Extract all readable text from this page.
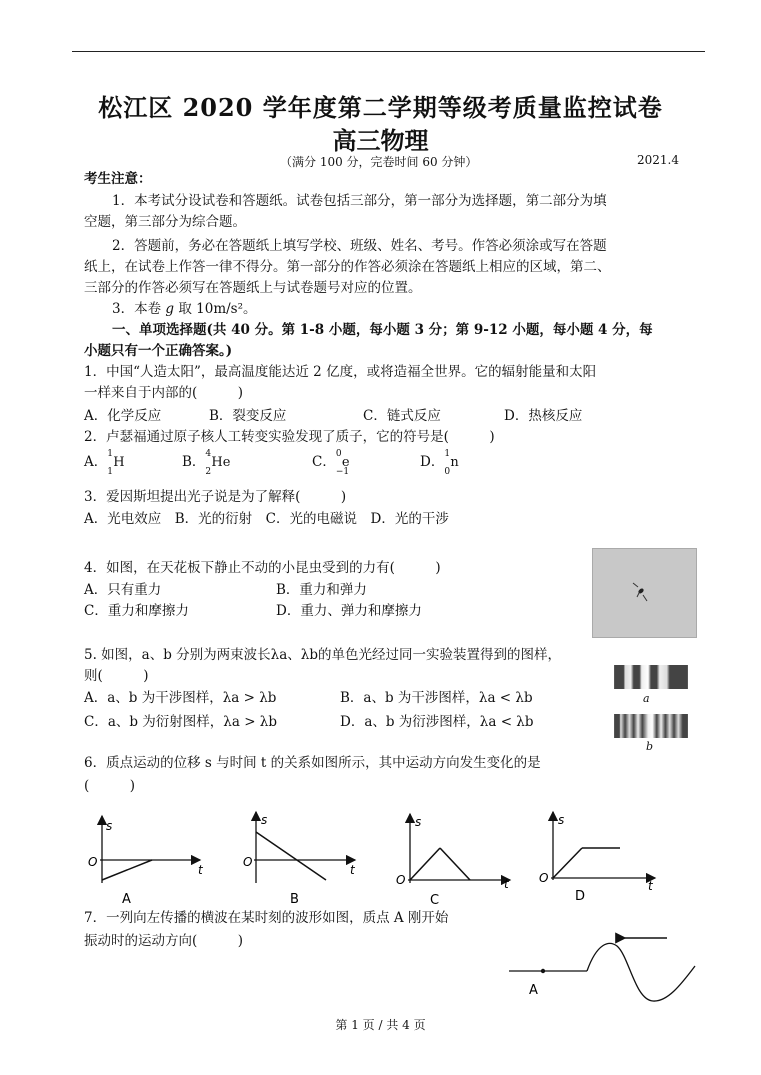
松江区 2020 学年度第二学期等级考质量监控试卷
高三物理
（满分 100 分，完卷时间 60 分钟）	2021.4
考生注意：
1．本考试分设试卷和答题纸。试卷包括三部分，第一部分为选择题，第二部分为填
空题，第三部分为综合题。
2．答题前，务必在答题纸上填写学校、班级、姓名、考号。作答必须涂或写在答题
纸上，在试卷上作答一律不得分。第一部分的作答必须涂在答题纸上相应的区域，第二、
三部分的作答必须写在答题纸上与试卷题号对应的位置。
3．本卷 g 取 10m/s²。
一、单项选择题(共 40 分。第 1-8 小题，每小题 3 分；第 9-12 小题，每小题 4 分，每
小题只有一个正确答案。)
1．中国“人造太阳”，最高温度能达近 2 亿度，或将造福全世界。它的辐射能量和太阳
一样来自于内部的(　　　)
A．化学反应	B．裂变反应	C．链式反应	D．热核反应
2．卢瑟福通过原子核人工转变实验发现了质子，它的符号是(　　　)
A． 1
1
H	B． 4
2
He	C． 0
−1
e	D． 1
0
n
3．爱因斯坦提出光子说是为了解释(　　　)
A．光电效应　B．光的衍射　C．光的电磁说　D．光的干涉
4．如图，在天花板下静止不动的小昆虫受到的力有(　　　)
A．只有重力	B．重力和弹力
C．重力和摩擦力	D．重力、弹力和摩擦力
5. 如图，a、b 分别为两束波长λa、λb的单色光经过同一实验装置得到的图样，
则(　　　)
A．a、b 为干涉图样，λa > λb	B．a、b 为干涉图样，λa < λb
C．a、b 为衍射图样，λa > λb	D．a、b 为衍涉图样，λa < λb
a
b
6．质点运动的位移 s 与时间 t 的关系如图所示，其中运动方向发生变化的是
(　　　)
s
t
O
A
s
t
O
B
s
t
O
C
s
t
O
D
7．一列向左传播的横波在某时刻的波形如图，质点 A 刚开始
振动时的运动方向(　　　)
A
第 1 页 / 共 4 页
